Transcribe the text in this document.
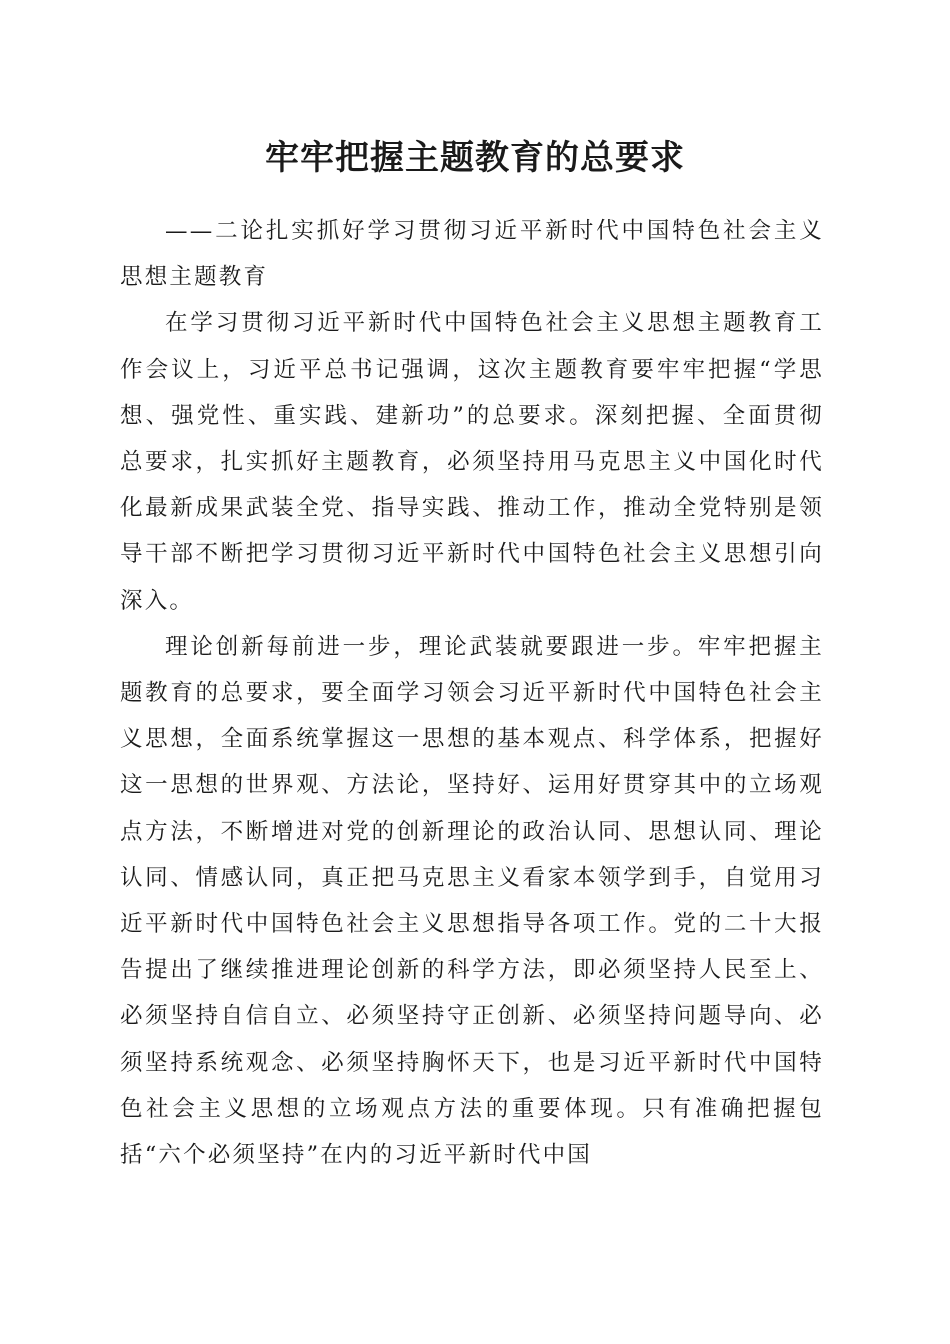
牢牢把握主题教育的总要求

——二论扎实抓好学习贯彻习近平新时代中国特色社会主义思想主题教育

在学习贯彻习近平新时代中国特色社会主义思想主题教育工作会议上，习近平总书记强调，这次主题教育要牢牢把握“学思想、强党性、重实践、建新功”的总要求。深刻把握、全面贯彻总要求，扎实抓好主题教育，必须坚持用马克思主义中国化时代化最新成果武装全党、指导实践、推动工作，推动全党特别是领导干部不断把学习贯彻习近平新时代中国特色社会主义思想引向深入。

理论创新每前进一步，理论武装就要跟进一步。牢牢把握主题教育的总要求，要全面学习领会习近平新时代中国特色社会主义思想，全面系统掌握这一思想的基本观点、科学体系，把握好这一思想的世界观、方法论，坚持好、运用好贯穿其中的立场观点方法，不断增进对党的创新理论的政治认同、思想认同、理论认同、情感认同，真正把马克思主义看家本领学到手，自觉用习近平新时代中国特色社会主义思想指导各项工作。党的二十大报告提出了继续推进理论创新的科学方法，即必须坚持人民至上、必须坚持自信自立、必须坚持守正创新、必须坚持问题导向、必须坚持系统观念、必须坚持胸怀天下，也是习近平新时代中国特色社会主义思想的立场观点方法的重要体现。只有准确把握包括“六个必须坚持”在内的习近平新时代中国
